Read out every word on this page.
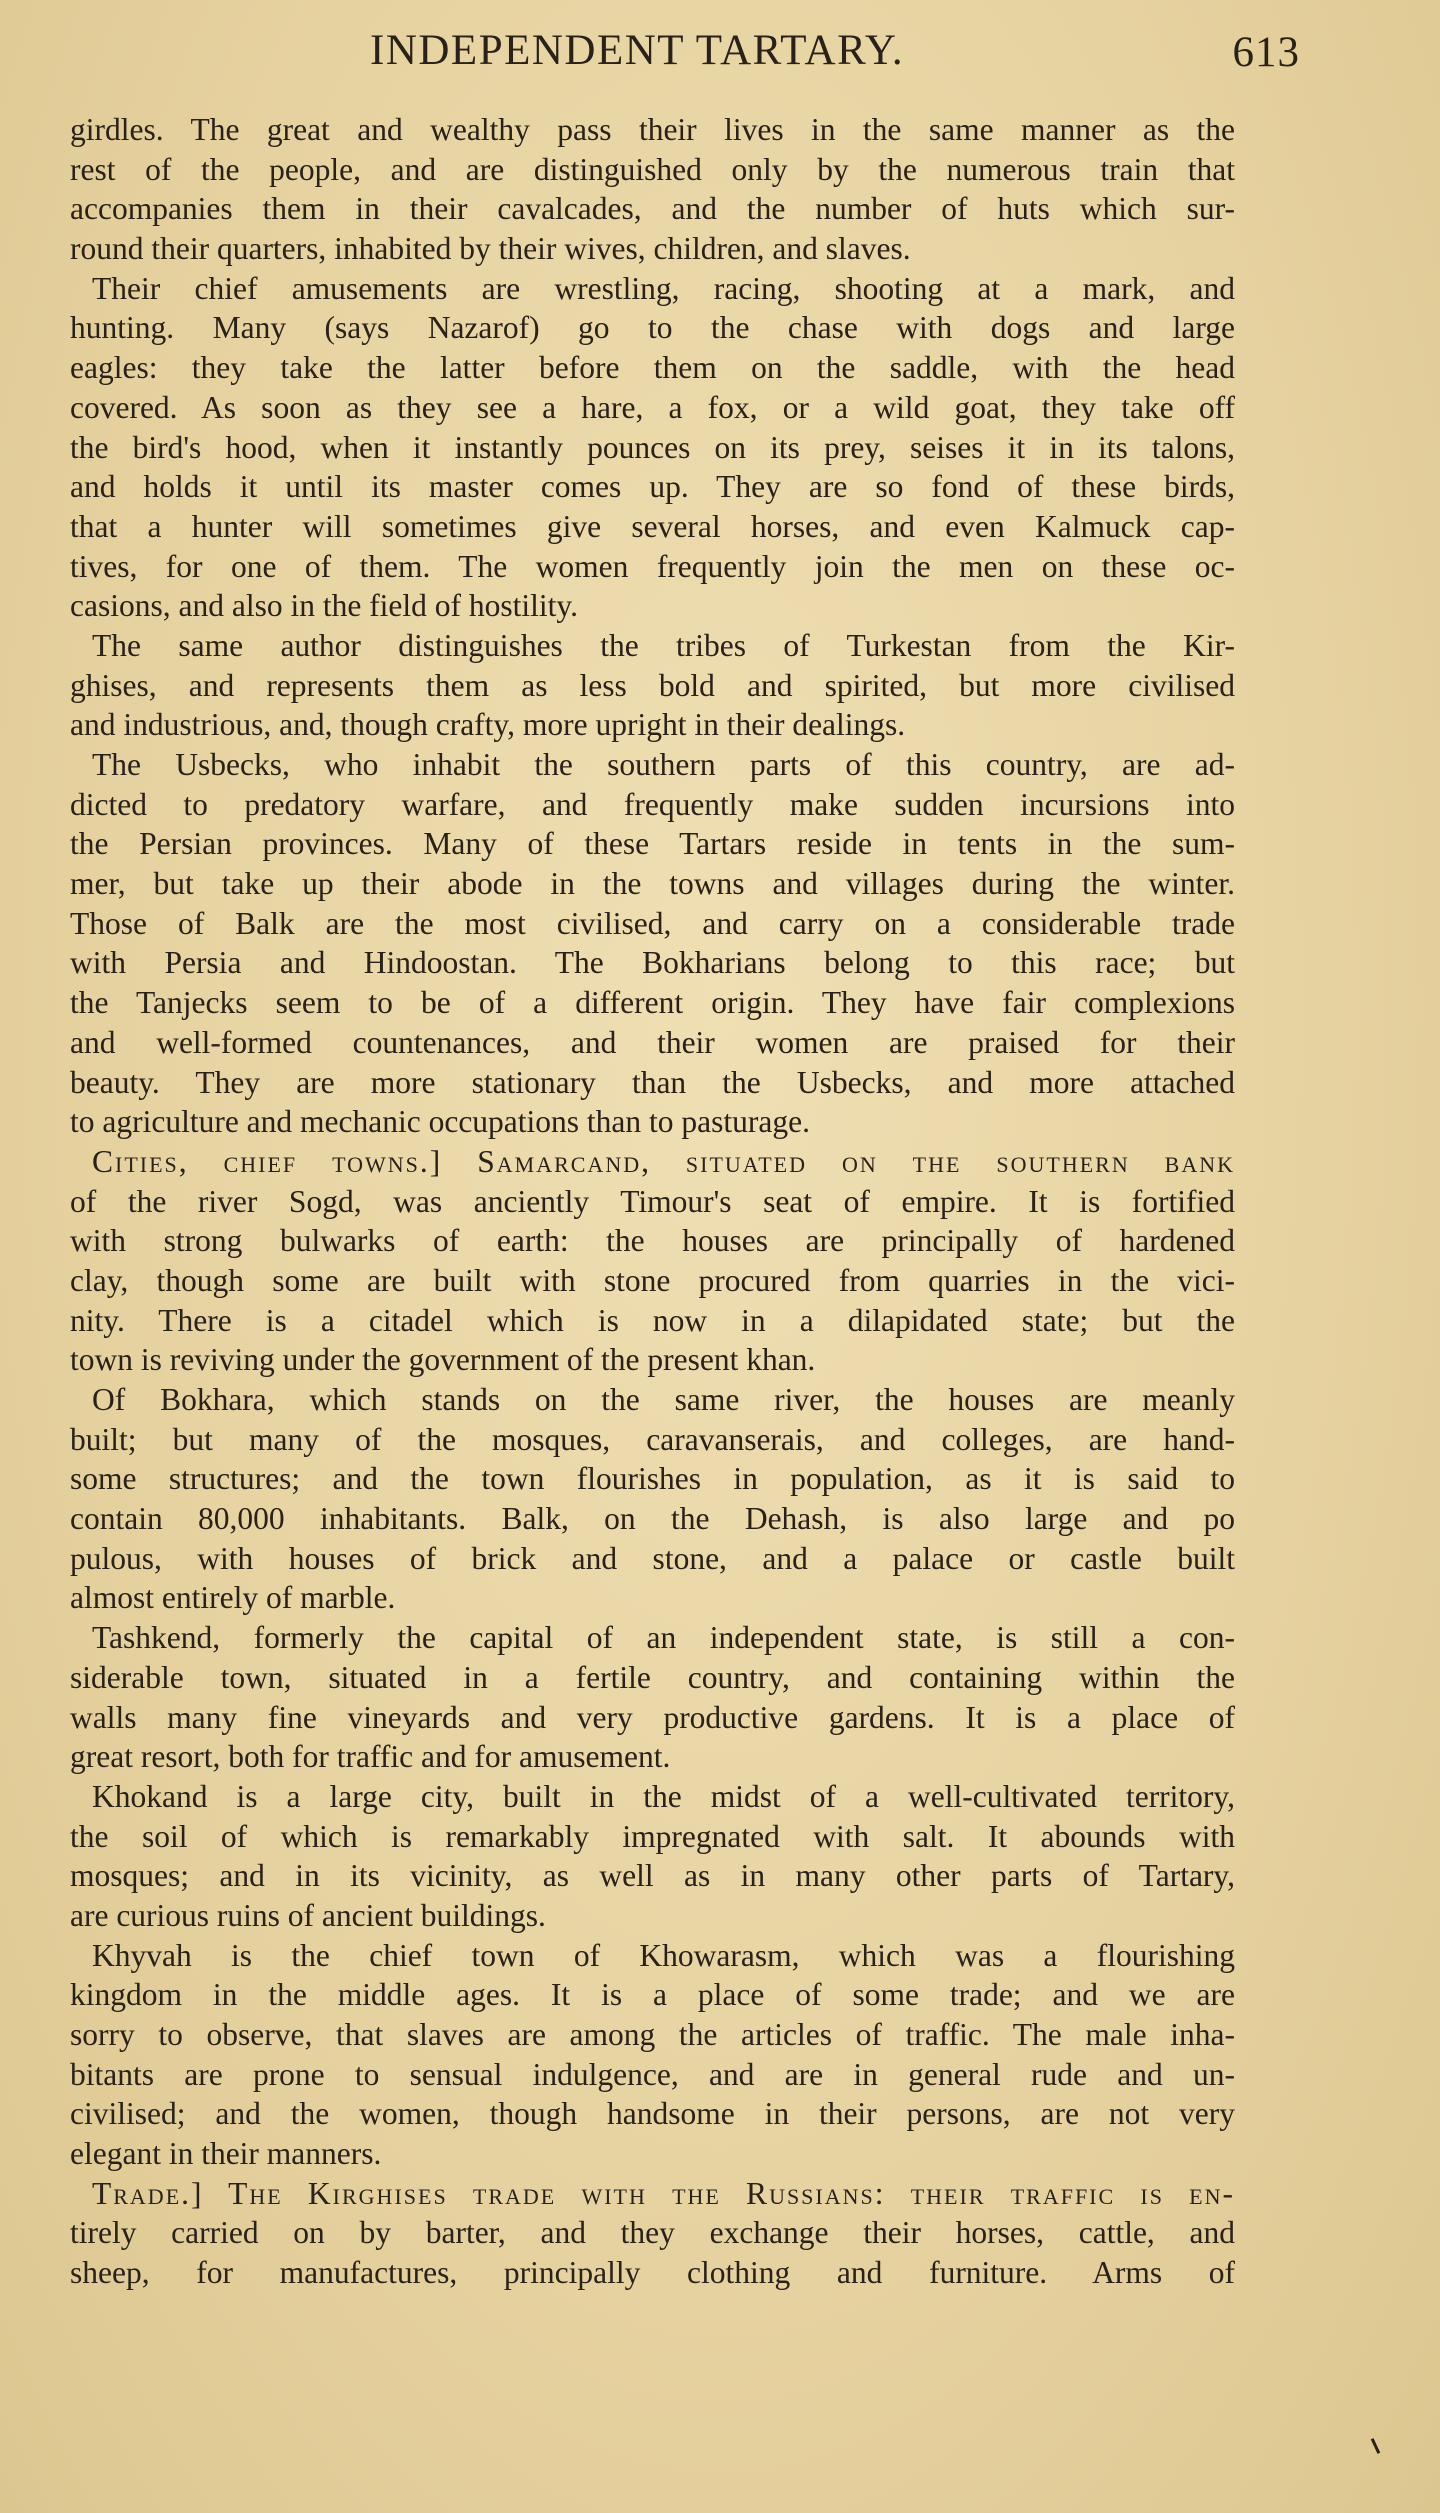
INDEPENDENT TARTARY.	613
girdles. The great and wealthy pass their lives in the same manner as the
rest of the people, and are distinguished only by the numerous train that
accompanies them in their cavalcades, and the number of huts which sur-
round their quarters, inhabited by their wives, children, and slaves.
Their chief amusements are wrestling, racing, shooting at a mark, and
hunting. Many (says Nazarof) go to the chase with dogs and large
eagles: they take the latter before them on the saddle, with the head
covered. As soon as they see a hare, a fox, or a wild goat, they take off
the bird's hood, when it instantly pounces on its prey, seises it in its talons,
and holds it until its master comes up. They are so fond of these birds,
that a hunter will sometimes give several horses, and even Kalmuck cap-
tives, for one of them. The women frequently join the men on these oc-
casions, and also in the field of hostility.
The same author distinguishes the tribes of Turkestan from the Kir-
ghises, and represents them as less bold and spirited, but more civilised
and industrious, and, though crafty, more upright in their dealings.
The Usbecks, who inhabit the southern parts of this country, are ad-
dicted to predatory warfare, and frequently make sudden incursions into
the Persian provinces. Many of these Tartars reside in tents in the sum-
mer, but take up their abode in the towns and villages during the winter.
Those of Balk are the most civilised, and carry on a considerable trade
with Persia and Hindoostan. The Bokharians belong to this race; but
the Tanjecks seem to be of a different origin. They have fair complexions
and well-formed countenances, and their women are praised for their
beauty. They are more stationary than the Usbecks, and more attached
to agriculture and mechanic occupations than to pasturage.
Cities, chief towns.] Samarcand, situated on the southern bank
of the river Sogd, was anciently Timour's seat of empire. It is fortified
with strong bulwarks of earth: the houses are principally of hardened
clay, though some are built with stone procured from quarries in the vici-
nity. There is a citadel which is now in a dilapidated state; but the
town is reviving under the government of the present khan.
Of Bokhara, which stands on the same river, the houses are meanly
built; but many of the mosques, caravanserais, and colleges, are hand-
some structures; and the town flourishes in population, as it is said to
contain 80,000 inhabitants. Balk, on the Dehash, is also large and po
pulous, with houses of brick and stone, and a palace or castle built
almost entirely of marble.
Tashkend, formerly the capital of an independent state, is still a con-
siderable town, situated in a fertile country, and containing within the
walls many fine vineyards and very productive gardens. It is a place of
great resort, both for traffic and for amusement.
Khokand is a large city, built in the midst of a well-cultivated territory,
the soil of which is remarkably impregnated with salt. It abounds with
mosques; and in its vicinity, as well as in many other parts of Tartary,
are curious ruins of ancient buildings.
Khyvah is the chief town of Khowarasm, which was a flourishing
kingdom in the middle ages. It is a place of some trade; and we are
sorry to observe, that slaves are among the articles of traffic. The male inha-
bitants are prone to sensual indulgence, and are in general rude and un-
civilised; and the women, though handsome in their persons, are not very
elegant in their manners.
Trade.] The Kirghises trade with the Russians: their traffic is en-
tirely carried on by barter, and they exchange their horses, cattle, and
sheep, for manufactures, principally clothing and furniture. Arms of
